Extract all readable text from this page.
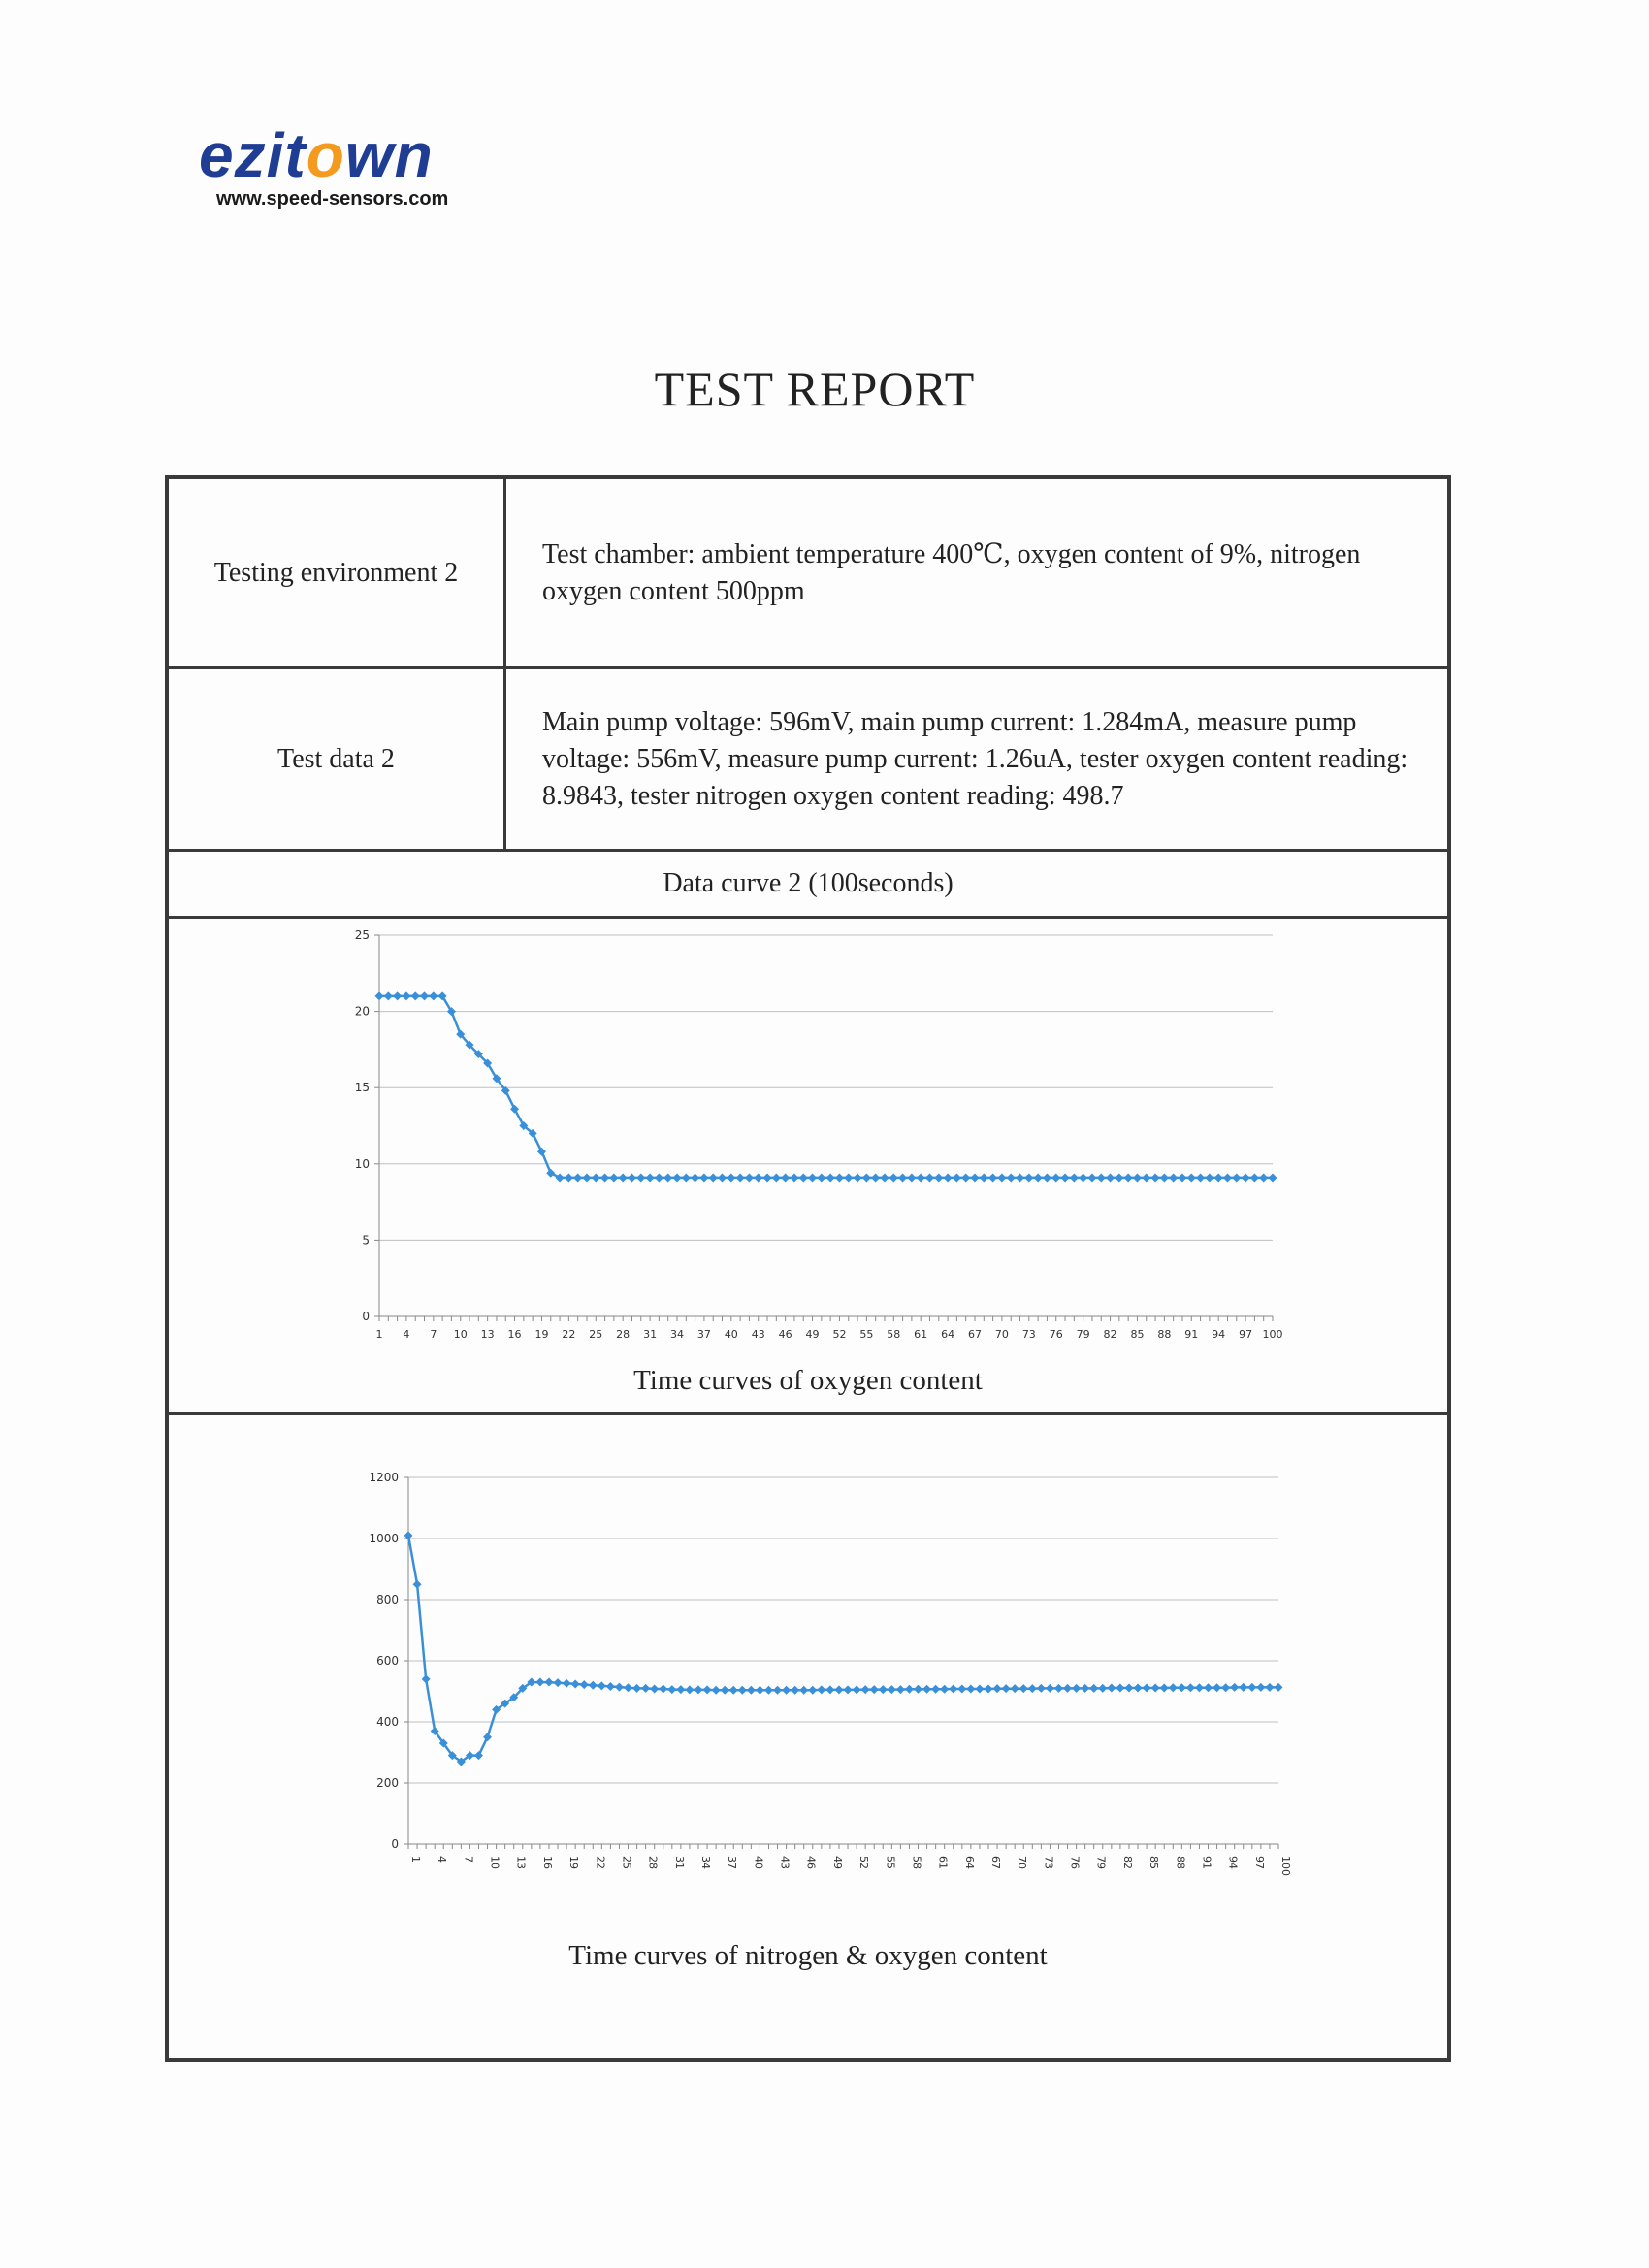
ezitown
www.speed-sensors.com
TEST REPORT
Testing environment 2
Test chamber: ambient temperature 400℃, oxygen content of 9%, nitrogen oxygen content 500ppm
Test data 2
Main pump voltage: 596mV, main pump current: 1.284mA, measure pump voltage: 556mV, measure pump current: 1.26uA, tester oxygen content reading: 8.9843, tester nitrogen oxygen content reading: 498.7
Data curve 2 (100seconds)
0
5
10
15
20
25
1 4 7 10 13 16 19 22 25 28 31 34 37 40 43 46 49 52 55 58 61 64 67 70 73 76 79 82 85 88 91 94 97 100
Time curves of oxygen content
0
200
400
600
800
1000
1200
1 4 7 10 13 16 19 22 25 28 31 34 37 40 43 46 49 52 55 58 61 64 67 70 73 76 79 82 85 88 91 94 97 100
Time curves of nitrogen & oxygen content
